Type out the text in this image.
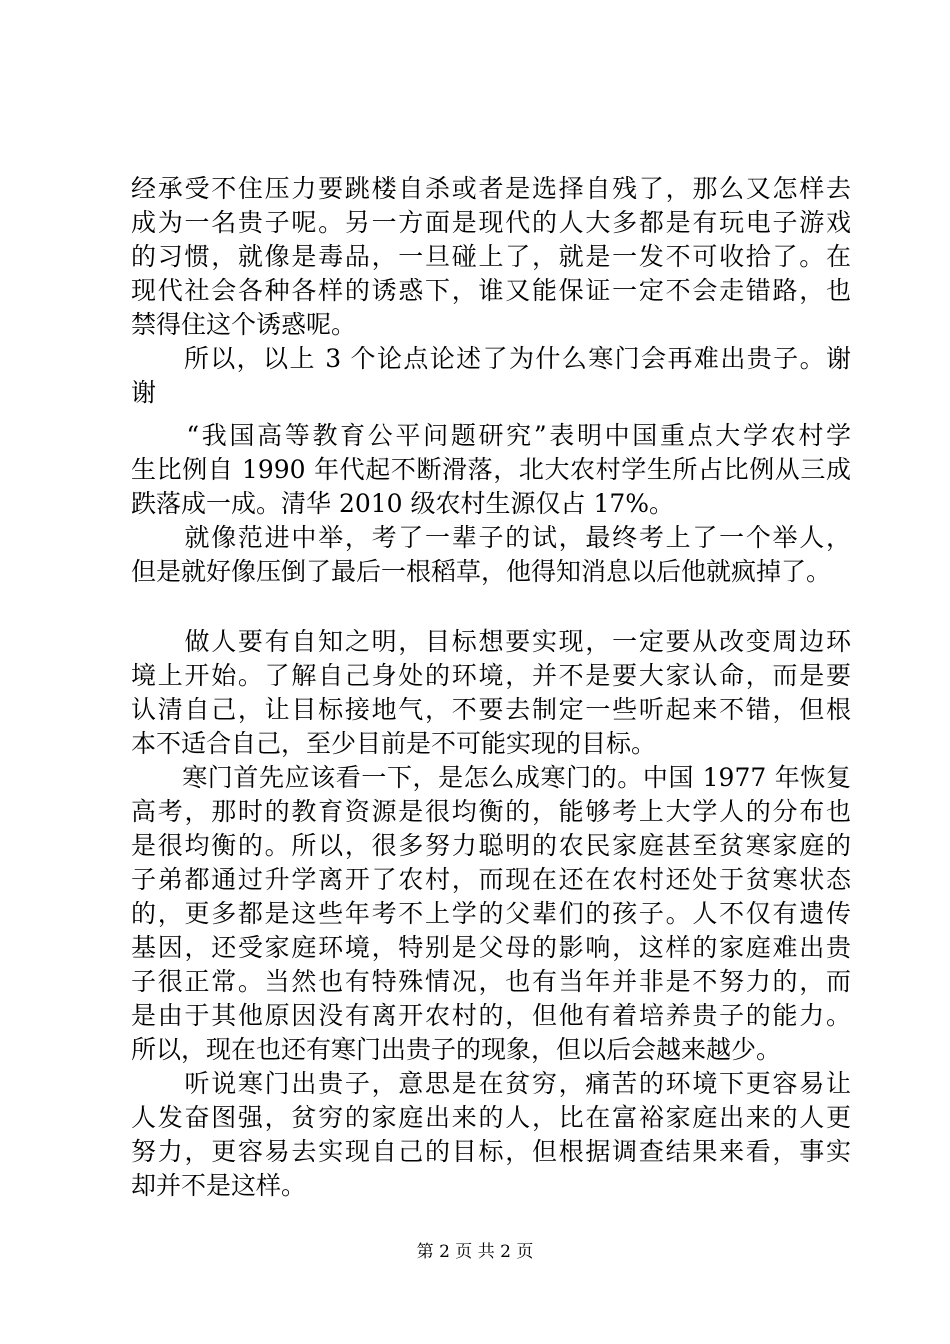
经承受不住压力要跳楼自杀或者是选择自残了，那么又怎样去
成为一名贵子呢。另一方面是现代的人大多都是有玩电子游戏
的习惯，就像是毒品，一旦碰上了，就是一发不可收拾了。在
现代社会各种各样的诱惑下，谁又能保证一定不会走错路，也
禁得住这个诱惑呢。
　　所以，以上 3 个论点论述了为什么寒门会再难出贵子。谢
谢
　　“我国高等教育公平问题研究”表明中国重点大学农村学
生比例自 1990 年代起不断滑落，北大农村学生所占比例从三成
跌落成一成。清华 2010 级农村生源仅占 17%。
　　就像范进中举，考了一辈子的试，最终考上了一个举人，
但是就好像压倒了最后一根稻草，他得知消息以后他就疯掉了。
　　做人要有自知之明，目标想要实现，一定要从改变周边环
境上开始。了解自己身处的环境，并不是要大家认命，而是要
认清自己，让目标接地气，不要去制定一些听起来不错，但根
本不适合自己，至少目前是不可能实现的目标。
　　寒门首先应该看一下，是怎么成寒门的。中国 1977 年恢复
高考，那时的教育资源是很均衡的，能够考上大学人的分布也
是很均衡的。所以，很多努力聪明的农民家庭甚至贫寒家庭的
子弟都通过升学离开了农村，而现在还在农村还处于贫寒状态
的，更多都是这些年考不上学的父辈们的孩子。人不仅有遗传
基因，还受家庭环境，特别是父母的影响，这样的家庭难出贵
子很正常。当然也有特殊情况，也有当年并非是不努力的，而
是由于其他原因没有离开农村的，但他有着培养贵子的能力。
所以，现在也还有寒门出贵子的现象，但以后会越来越少。
　　听说寒门出贵子，意思是在贫穷，痛苦的环境下更容易让
人发奋图强，贫穷的家庭出来的人，比在富裕家庭出来的人更
努力，更容易去实现自己的目标，但根据调查结果来看，事实
却并不是这样。
第 2 页 共 2 页
